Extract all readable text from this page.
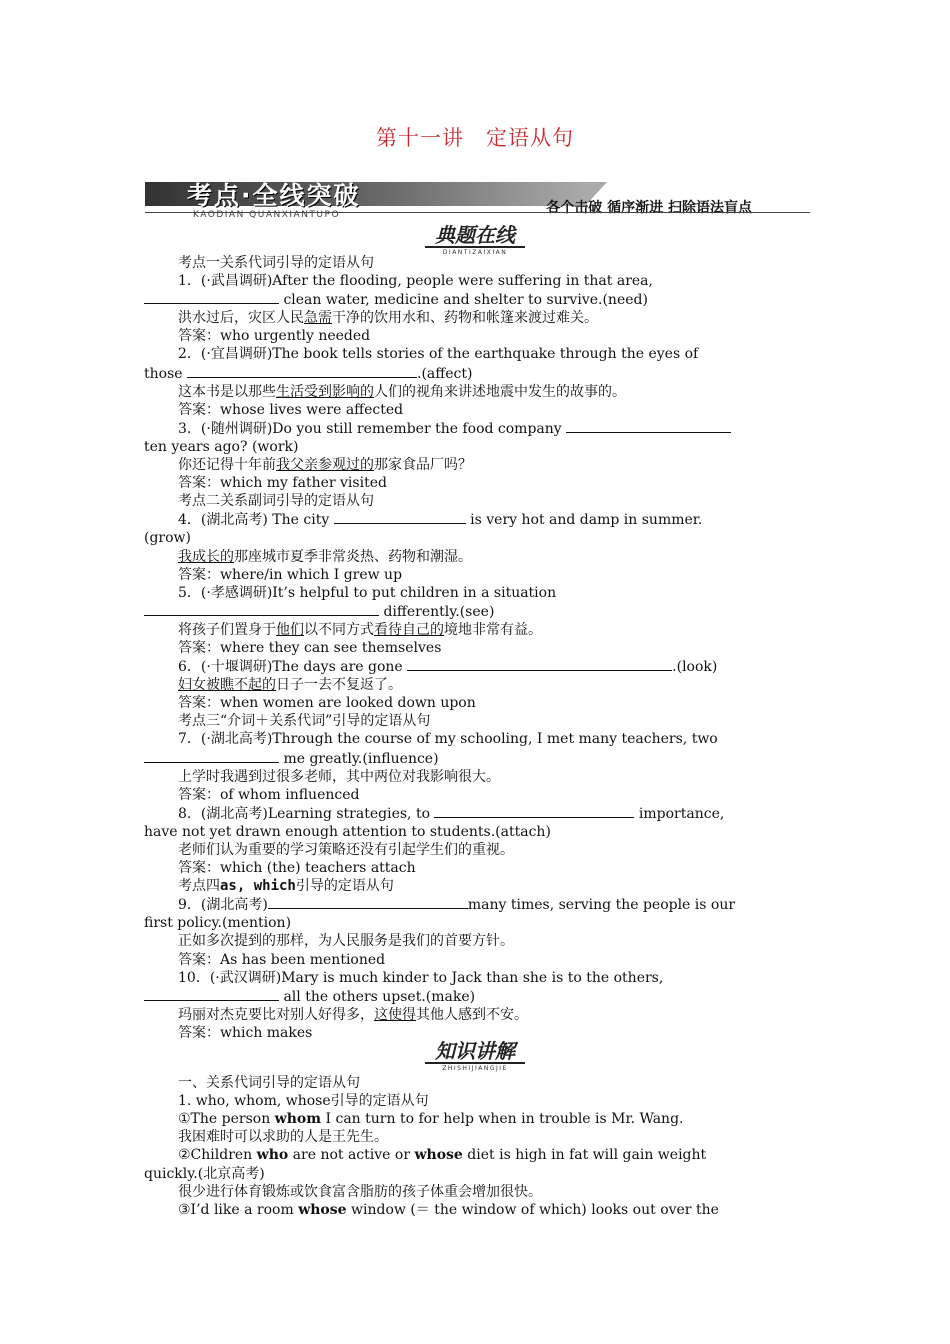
第十一讲　定语从句
考点·全线突破
KAODIAN QUANXIANTUPO	各个击破 循序渐进 扫除语法盲点
典题在线
DIANTIZAIXIAN
知识讲解
ZHISHIJIANGJIE

考点一关系代词引导的定语从句

1．(·武昌调研)After the flooding, people were suffering in that area,

clean water, medicine and shelter to survive.(need)

洪水过后，灾区人民急需干净的饮用水和、药物和帐篷来渡过难关。

答案：who urgently needed

2．(·宜昌调研)The book tells stories of the earthquake through the eyes of

those	.(affect)

这本书是以那些生活受到影响的人们的视角来讲述地震中发生的故事的。

答案：whose lives were affected

3．(·随州调研)Do you still remember the food company

ten years ago? (work)

你还记得十年前我父亲参观过的那家食品厂吗？

答案：which my father visited

考点二关系副词引导的定语从句

4．(湖北高考) The city	is very hot and damp in summer.

(grow)

我成长的那座城市夏季非常炎热、药物和潮湿。

答案：where/in which I grew up

5．(·孝感调研)It’s helpful to put children in a situation

differently.(see)

将孩子们置身于他们以不同方式看待自己的境地非常有益。

答案：where they can see themselves

6．(·十堰调研)The days are gone	.(look)

妇女被瞧不起的日子一去不复返了。

答案：when women are looked down upon

考点三“介词＋关系代词”引导的定语从句

7．(·湖北高考)Through the course of my schooling, I met many teachers, two

me greatly.(influence)

上学时我遇到过很多老师，其中两位对我影响很大。

答案：of whom influenced

8．(湖北高考)Learning strategies, to	importance,

have not yet drawn enough attention to students.(attach)

老师们认为重要的学习策略还没有引起学生们的重视。

答案：which (the) teachers attach

考点四as, which引导的定语从句

9．(湖北高考)	many times, serving the people is our

first policy.(mention)

正如多次提到的那样，为人民服务是我们的首要方针。

答案：As has been mentioned

10．(·武汉调研)Mary is much kinder to Jack than she is to the others,

all the others upset.(make)

玛丽对杰克要比对别人好得多，这使得其他人感到不安。

答案：which makes

一、关系代词引导的定语从句

1. who, whom, whose引导的定语从句

①The person whom I can turn to for help when in trouble is Mr. Wang.

我困难时可以求助的人是王先生。

②Children who are not active or whose diet is high in fat will gain weight

quickly.(北京高考)

很少进行体育锻炼或饮食富含脂肪的孩子体重会增加很快。

③I’d like a room whose window (＝ the window of which) looks out over the
